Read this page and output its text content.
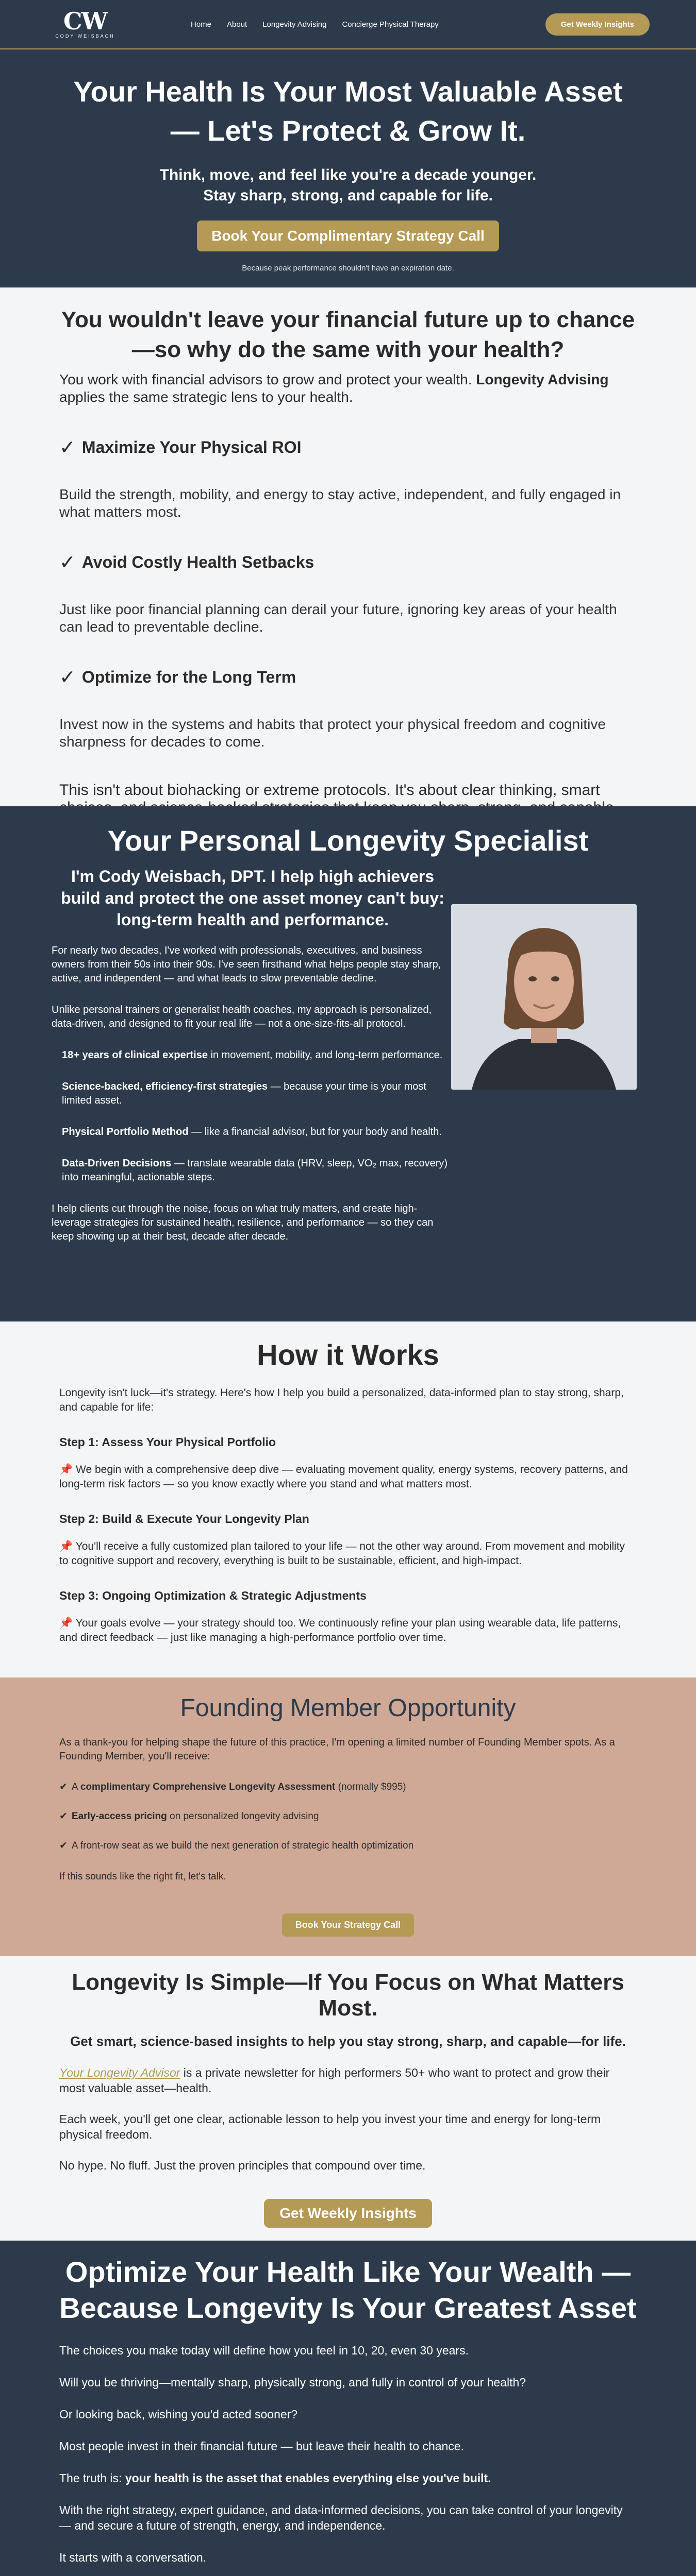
CW
CODY WEISBACH
Home About Longevity Advising Concierge Physical Therapy	Get Weekly Insights
Your Health Is Your Most Valuable Asset — Let's Protect & Grow It.
Think, move, and feel like you're a decade younger.
Stay sharp, strong, and capable for life.
Book Your Complimentary Strategy Call
Because peak performance shouldn't have an expiration date.
You wouldn't leave your financial future up to chance—so why do the same with your health?

You work with financial advisors to grow and protect your wealth. Longevity Advising applies the same strategic lens to your health.

✓ Maximize Your Physical ROI

Build the strength, mobility, and energy to stay active, independent, and fully engaged in what matters most.

✓ Avoid Costly Health Setbacks

Just like poor financial planning can derail your future, ignoring key areas of your health can lead to preventable decline.

✓ Optimize for the Long Term

Invest now in the systems and habits that protect your physical freedom and cognitive sharpness for decades to come.

This isn't about biohacking or extreme protocols. It's about clear thinking, smart

Your Personal Longevity Specialist
I'm Cody Weisbach, DPT. I help high achievers build and protect the one asset money can't buy: long-term health and performance.

For nearly two decades, I've worked with professionals, executives, and business owners from their 50s into their 90s. I've seen firsthand what helps people stay sharp, active, and independent — and what leads to slow preventable decline.

Unlike personal trainers or generalist health coaches, my approach is personalized, data-driven, and designed to fit your real life — not a one-size-fits-all protocol.

18+ years of clinical expertise in movement, mobility, and long-term performance.

Science-backed, efficiency-first strategies — because your time is your most limited asset.

Physical Portfolio Method — like a financial advisor, but for your body and health.

Data-Driven Decisions — translate wearable data (HRV, sleep, VO₂ max, recovery) into meaningful, actionable steps.

I help clients cut through the noise, focus on what truly matters, and create high-leverage strategies for sustained health, resilience, and performance — so they can keep showing up at their best, decade after decade.

How it Works

Longevity isn't luck—it's strategy. Here's how I help you build a personalized, data-informed plan to stay strong, sharp, and capable for life:

Step 1: Assess Your Physical Portfolio

📌 We begin with a comprehensive deep dive — evaluating movement quality, energy systems, recovery patterns, and long-term risk factors — so you know exactly where you stand and what matters most.

Step 2: Build & Execute Your Longevity Plan

📌 You'll receive a fully customized plan tailored to your life — not the other way around. From movement and mobility to cognitive support and recovery, everything is built to be sustainable, efficient, and high-impact.

Step 3: Ongoing Optimization & Strategic Adjustments

📌 Your goals evolve — your strategy should too. We continuously refine your plan using wearable data, life patterns, and direct feedback — just like managing a high-performance portfolio over time.

Founding Member Opportunity

As a thank-you for helping shape the future of this practice, I'm opening a limited number of Founding Member spots. As a Founding Member, you'll receive:

✔ A complimentary Comprehensive Longevity Assessment (normally $995)
✔ Early-access pricing on personalized longevity advising
✔ A front-row seat as we build the next generation of strategic health optimization

If this sounds like the right fit, let's talk.

Book Your Strategy Call
Longevity Is Simple—If You Focus on What Matters Most.
Get smart, science-based insights to help you stay strong, sharp, and capable—for life.

Your Longevity Advisor is a private newsletter for high performers 50+ who want to protect and grow their most valuable asset—health.

Each week, you'll get one clear, actionable lesson to help you invest your time and energy for long-term physical freedom.

No hype. No fluff. Just the proven principles that compound over time.

Get Weekly Insights
Optimize Your Health Like Your Wealth — Because Longevity Is Your Greatest Asset

The choices you make today will define how you feel in 10, 20, even 30 years.

Will you be thriving—mentally sharp, physically strong, and fully in control of your health?

Or looking back, wishing you'd acted sooner?

Most people invest in their financial future — but leave their health to chance.

The truth is: your health is the asset that enables everything else you've built.

With the right strategy, expert guidance, and data-informed decisions, you can take control of your longevity — and secure a future of strength, energy, and independence.

It starts with a conversation.
